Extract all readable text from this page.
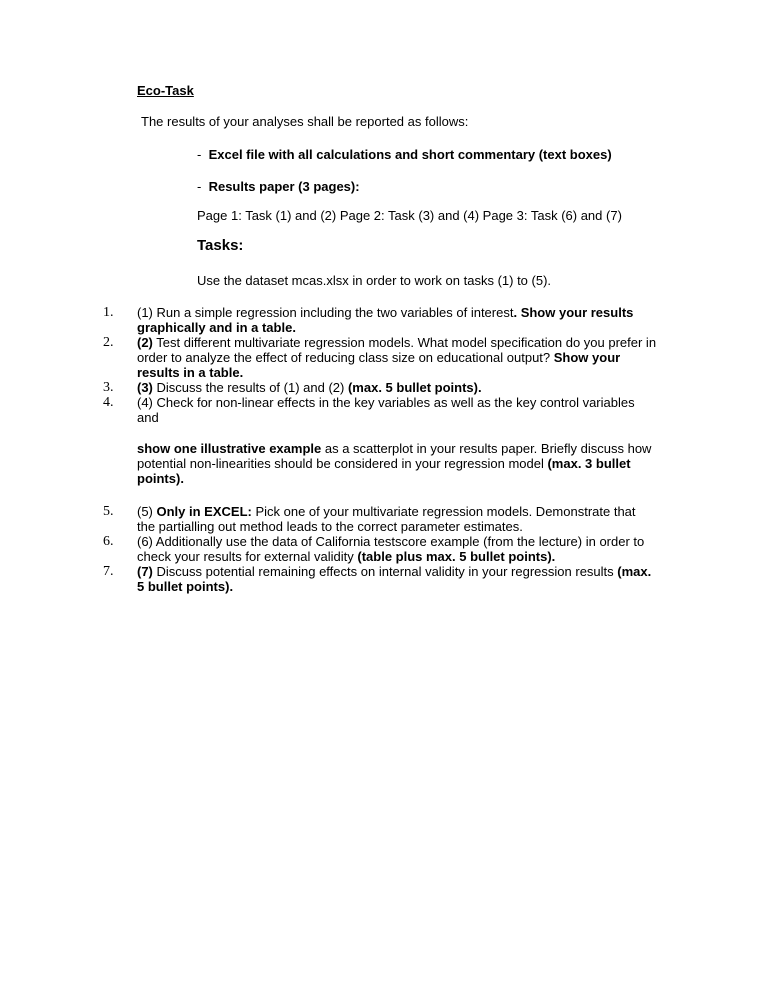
Eco-Task
The results of your analyses shall be reported as follows:
- Excel file with all calculations and short commentary (text boxes)
- Results paper (3 pages):
Page 1: Task (1) and (2) Page 2: Task (3) and (4) Page 3: Task (6) and (7)
Tasks:
Use the dataset mcas.xlsx in order to work on tasks (1) to (5).
1. (1) Run a simple regression including the two variables of interest. Show your results graphically and in a table.
2. (2) Test different multivariate regression models. What model specification do you prefer in order to analyze the effect of reducing class size on educational output? Show your results in a table.
3. (3) Discuss the results of (1) and (2) (max. 5 bullet points).
4. (4) Check for non-linear effects in the key variables as well as the key control variables and
show one illustrative example as a scatterplot in your results paper. Briefly discuss how potential non-linearities should be considered in your regression model (max. 3 bullet points).
5. (5) Only in EXCEL: Pick one of your multivariate regression models. Demonstrate that the partialling out method leads to the correct parameter estimates.
6. (6) Additionally use the data of California testscore example (from the lecture) in order to check your results for external validity (table plus max. 5 bullet points).
7. (7) Discuss potential remaining effects on internal validity in your regression results (max. 5 bullet points).
